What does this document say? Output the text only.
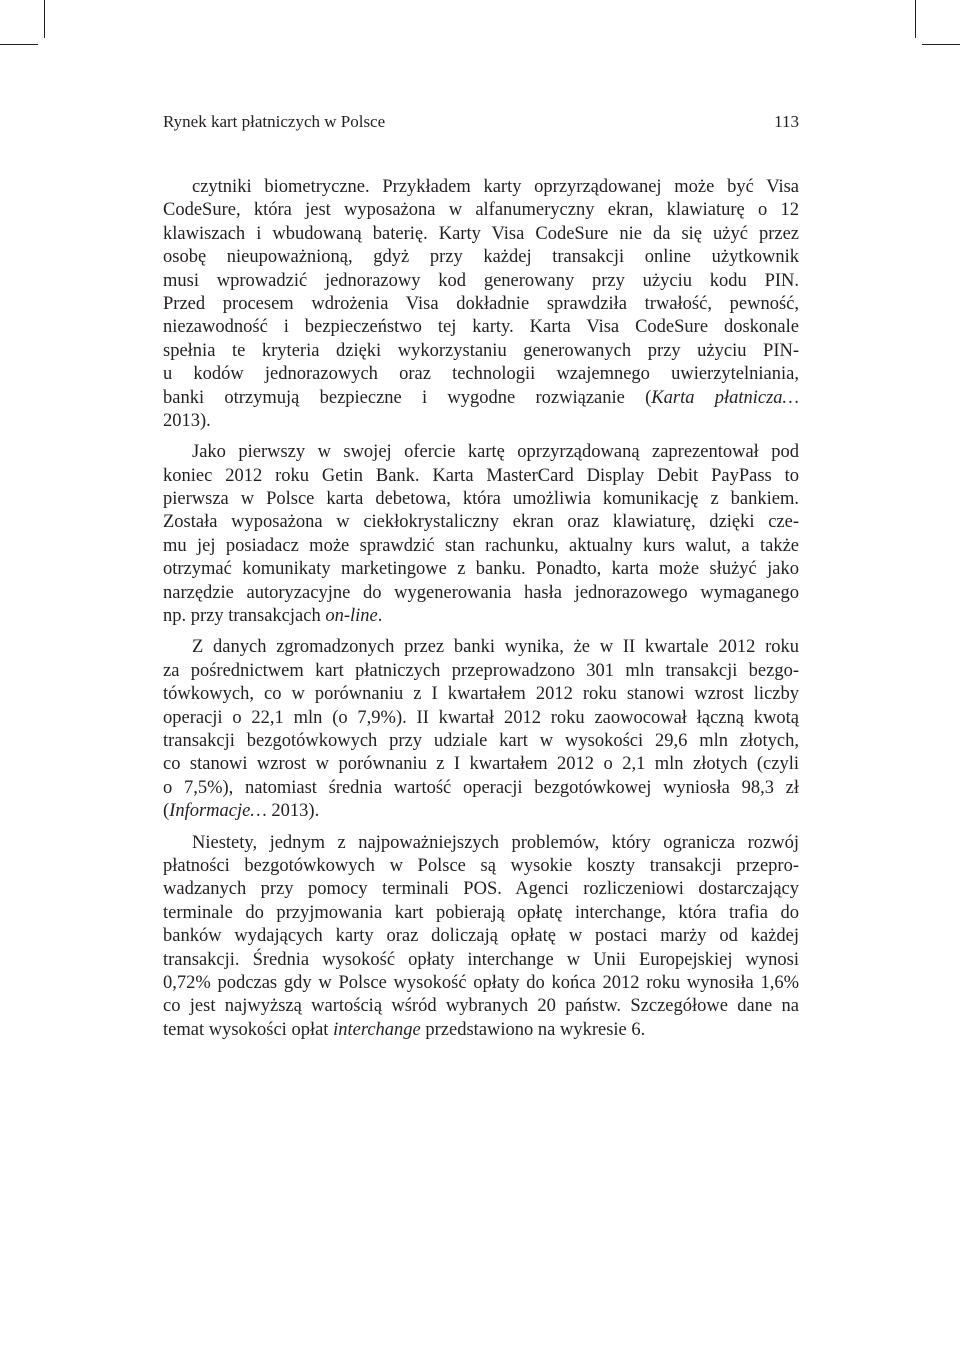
Rynek kart płatniczych w Polsce	113
czytniki biometryczne. Przykładem karty oprzyrządowanej może być Visa
CodeSure, która jest wyposażona w alfanumeryczny ekran, klawiaturę o 12
klawiszach i wbudowaną baterię. Karty Visa CodeSure nie da się użyć przez
osobę nieupoważnioną, gdyż przy każdej transakcji online użytkownik
musi wprowadzić jednorazowy kod generowany przy użyciu kodu PIN.
Przed procesem wdrożenia Visa dokładnie sprawdziła trwałość, pewność,
niezawodność i bezpieczeństwo tej karty. Karta Visa CodeSure doskonale
spełnia te kryteria dzięki wykorzystaniu generowanych przy użyciu PIN-
u kodów jednorazowych oraz technologii wzajemnego uwierzytelniania,
banki otrzymują bezpieczne i wygodne rozwiązanie (Karta płatnicza…
2013).
Jako pierwszy w swojej ofercie kartę oprzyrządowaną zaprezentował pod
koniec 2012 roku Getin Bank. Karta MasterCard Display Debit PayPass to
pierwsza w Polsce karta debetowa, która umożliwia komunikację z bankiem.
Została wyposażona w ciekłokrystaliczny ekran oraz klawiaturę, dzięki cze-
mu jej posiadacz może sprawdzić stan rachunku, aktualny kurs walut, a także
otrzymać komunikaty marketingowe z banku. Ponadto, karta może służyć jako
narzędzie autoryzacyjne do wygenerowania hasła jednorazowego wymaganego
np. przy transakcjach on-line.
Z danych zgromadzonych przez banki wynika, że w II kwartale 2012 roku
za pośrednictwem kart płatniczych przeprowadzono 301 mln transakcji bezgo-
tówkowych, co w porównaniu z I kwartałem 2012 roku stanowi wzrost liczby
operacji o 22,1 mln (o 7,9%). II kwartał 2012 roku zaowocował łączną kwotą
transakcji bezgotówkowych przy udziale kart w wysokości 29,6 mln złotych,
co stanowi wzrost w porównaniu z I kwartałem 2012 o 2,1 mln złotych (czyli
o 7,5%), natomiast średnia wartość operacji bezgotówkowej wyniosła 98,3 zł
(Informacje… 2013).
Niestety, jednym z najpoważniejszych problemów, który ogranicza rozwój
płatności bezgotówkowych w Polsce są wysokie koszty transakcji przepro-
wadzanych przy pomocy terminali POS. Agenci rozliczeniowi dostarczający
terminale do przyjmowania kart pobierają opłatę interchange, która trafia do
banków wydających karty oraz doliczają opłatę w postaci marży od każdej
transakcji. Średnia wysokość opłaty interchange w Unii Europejskiej wynosi
0,72% podczas gdy w Polsce wysokość opłaty do końca 2012 roku wynosiła 1,6%
co jest najwyższą wartością wśród wybranych 20 państw. Szczegółowe dane na
temat wysokości opłat interchange przedstawiono na wykresie 6.
